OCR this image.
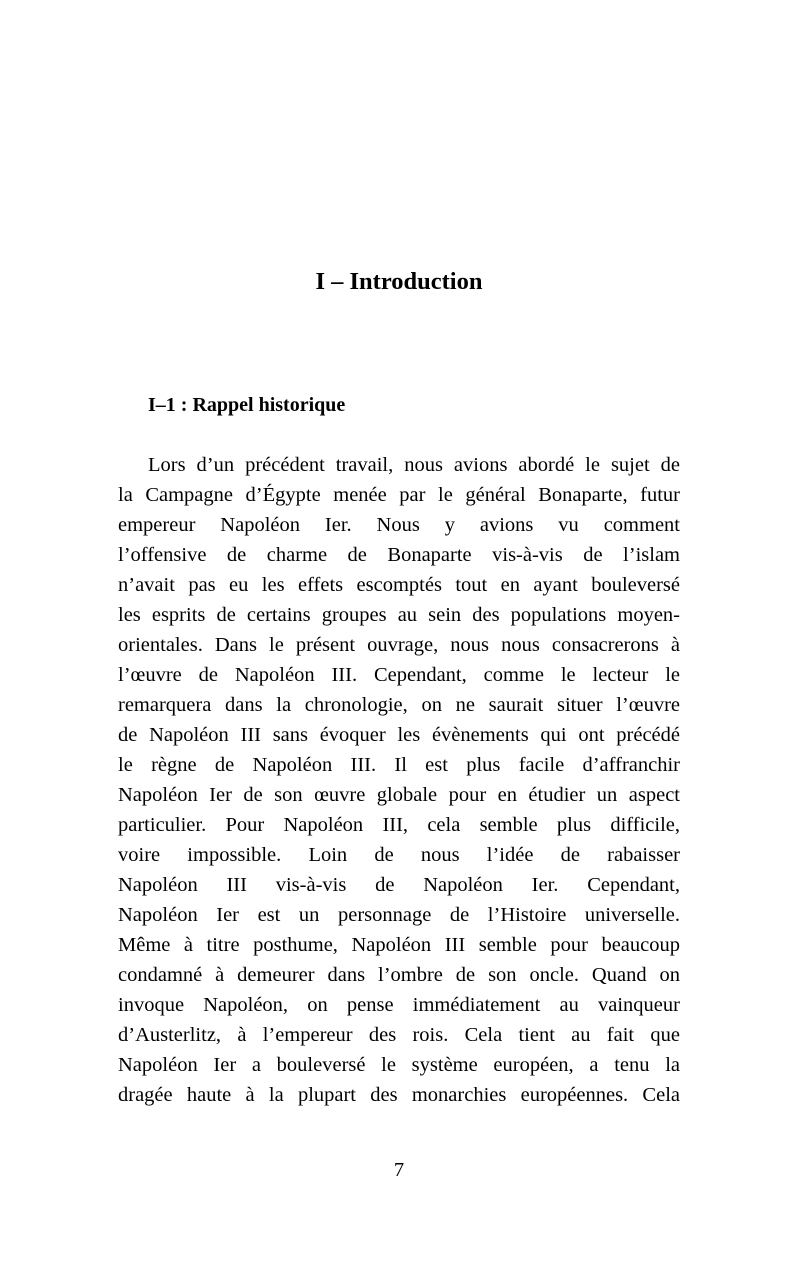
I – Introduction
I–1 : Rappel historique
Lors d’un précédent travail, nous avions abordé le sujet de
la Campagne d’Égypte menée par le général Bonaparte, futur
empereur Napoléon Ier. Nous y avions vu comment
l’offensive de charme de Bonaparte vis-à-vis de l’islam
n’avait pas eu les effets escomptés tout en ayant bouleversé
les esprits de certains groupes au sein des populations moyen-
orientales. Dans le présent ouvrage, nous nous consacrerons à
l’œuvre de Napoléon III. Cependant, comme le lecteur le
remarquera dans la chronologie, on ne saurait situer l’œuvre
de Napoléon III sans évoquer les évènements qui ont précédé
le règne de Napoléon III. Il est plus facile d’affranchir
Napoléon Ier de son œuvre globale pour en étudier un aspect
particulier. Pour Napoléon III, cela semble plus difficile,
voire impossible. Loin de nous l’idée de rabaisser
Napoléon III vis-à-vis de Napoléon Ier. Cependant,
Napoléon Ier est un personnage de l’Histoire universelle.
Même à titre posthume, Napoléon III semble pour beaucoup
condamné à demeurer dans l’ombre de son oncle. Quand on
invoque Napoléon, on pense immédiatement au vainqueur
d’Austerlitz, à l’empereur des rois. Cela tient au fait que
Napoléon Ier a bouleversé le système européen, a tenu la
dragée haute à la plupart des monarchies européennes. Cela
7
